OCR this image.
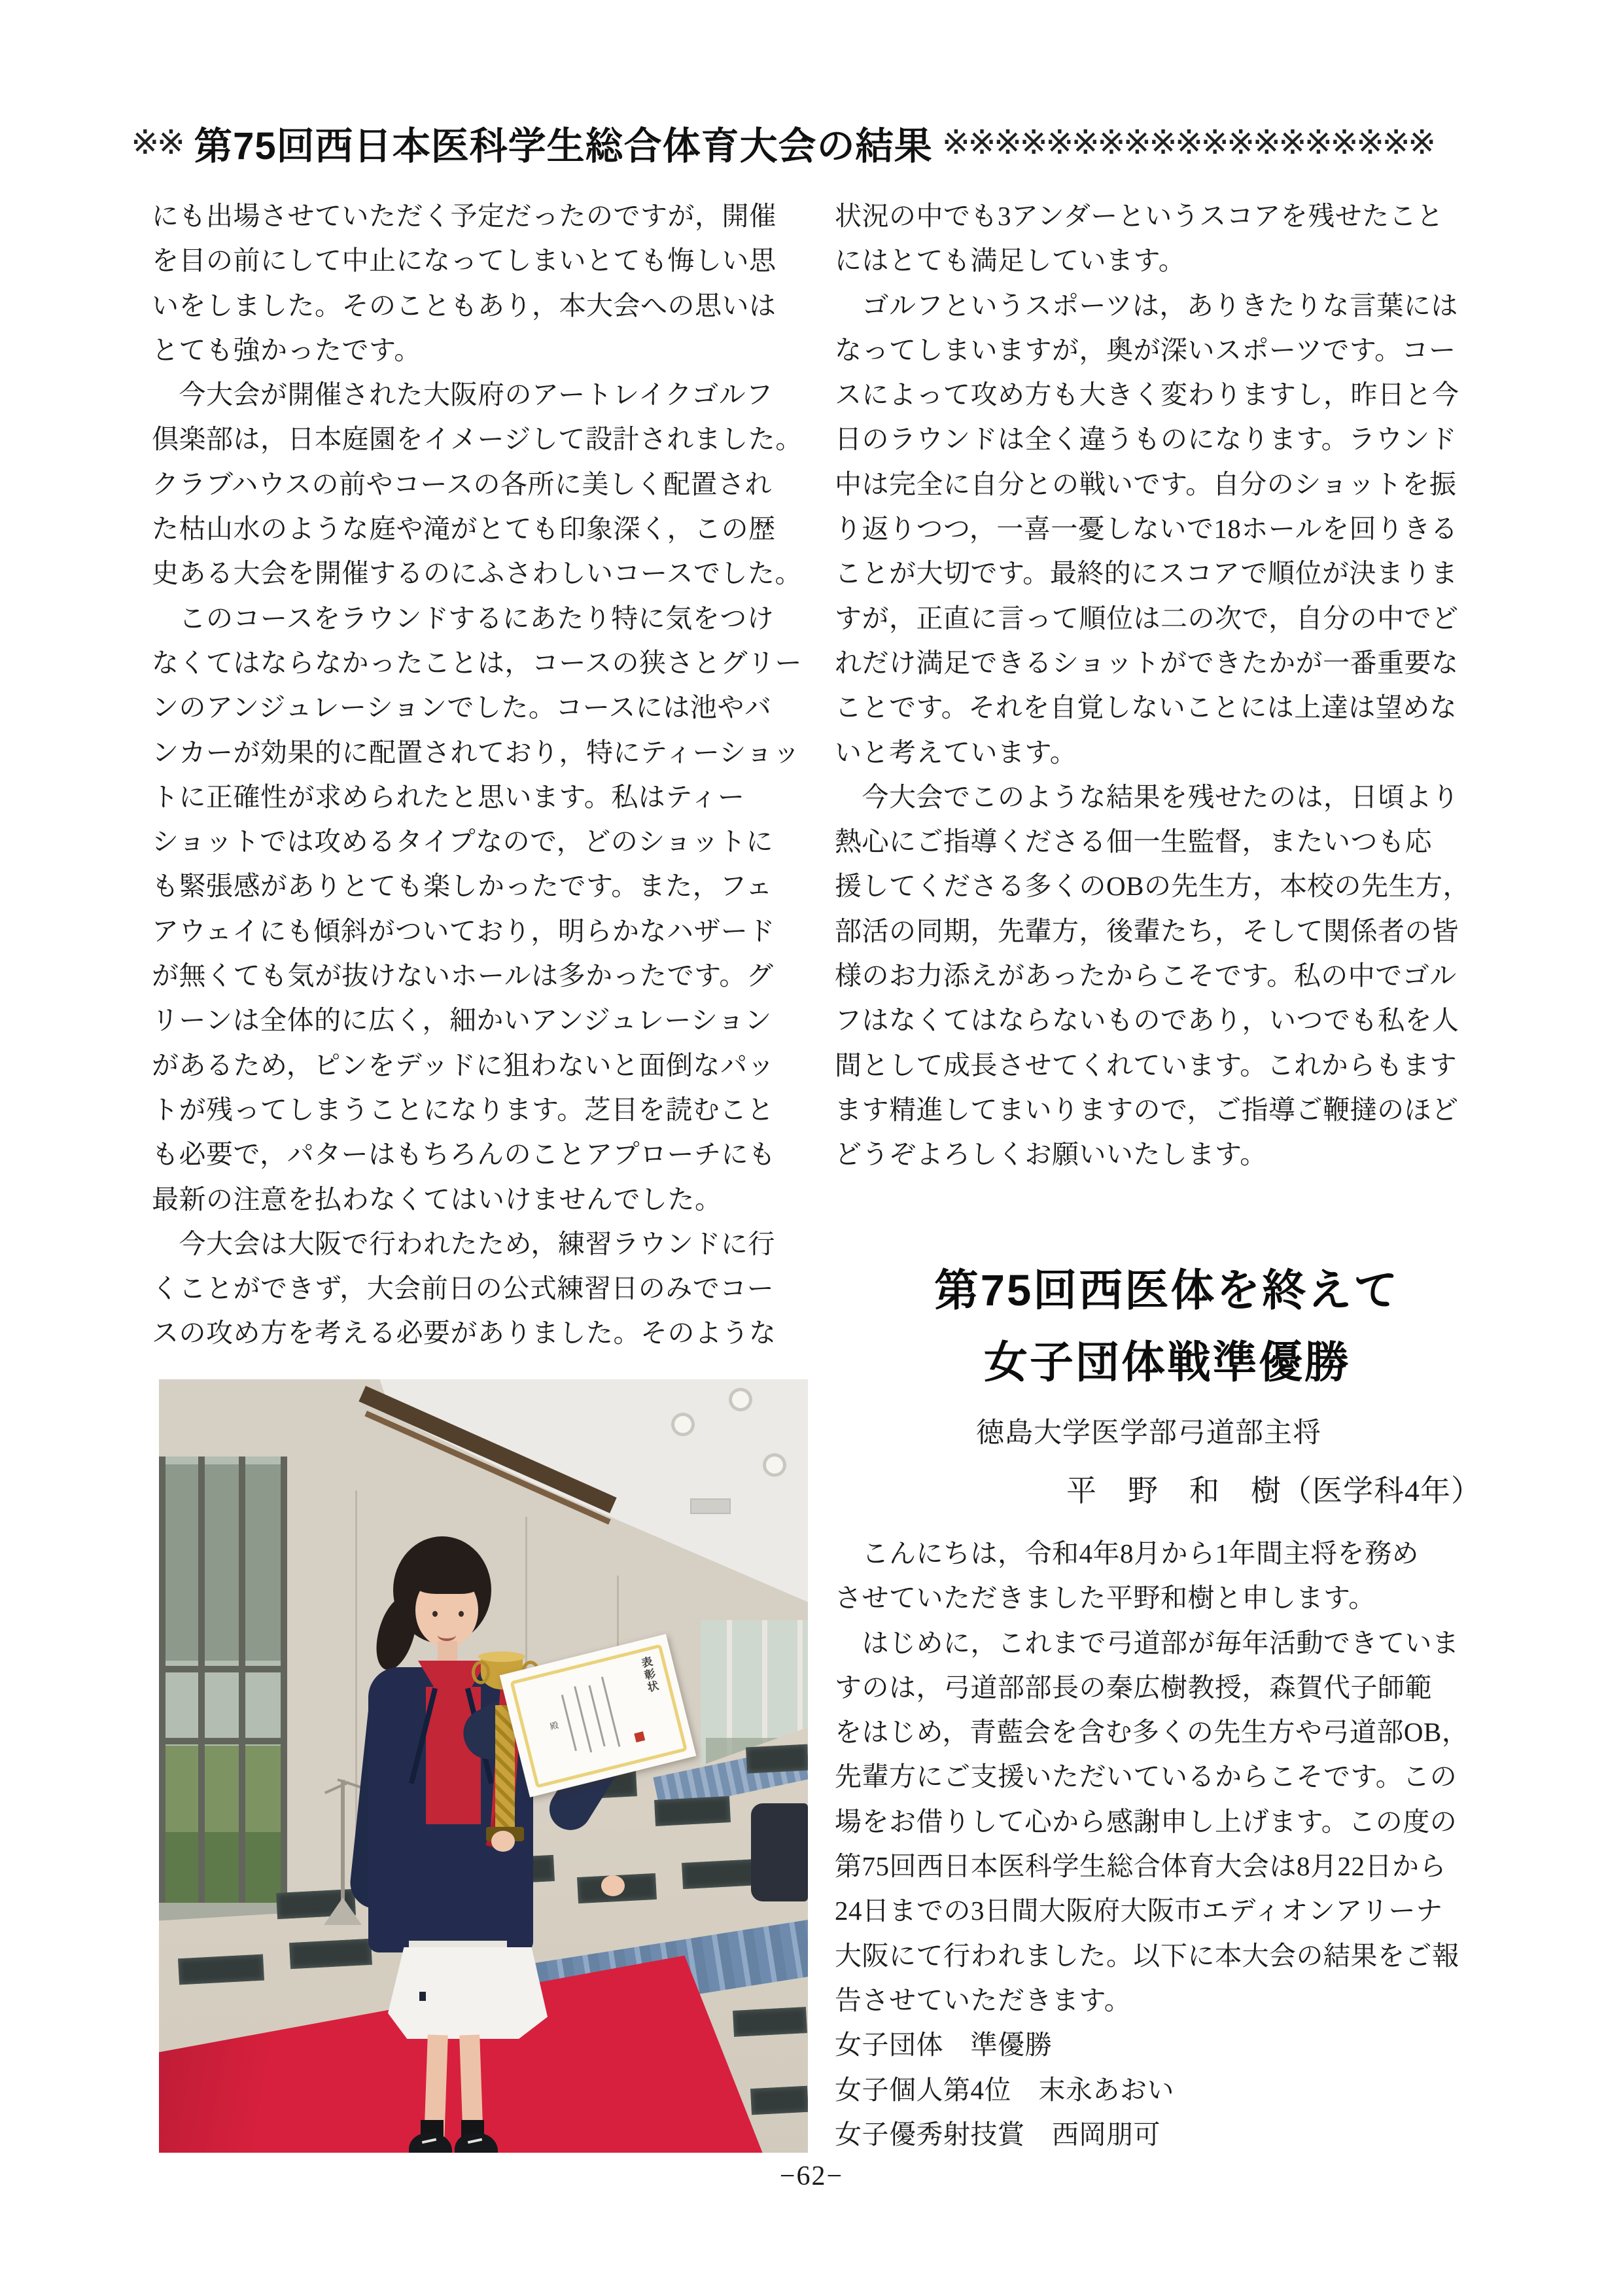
※※ 第75回西日本医科学生総合体育大会の結果 ※※※※※※※※※※※※※※※※※※※
にも出場させていただく予定だったのですが，開催
を目の前にして中止になってしまいとても悔しい思
いをしました。そのこともあり，本大会への思いは
とても強かったです。
　今大会が開催された大阪府のアートレイクゴルフ
倶楽部は，日本庭園をイメージして設計されました。
クラブハウスの前やコースの各所に美しく配置され
た枯山水のような庭や滝がとても印象深く，この歴
史ある大会を開催するのにふさわしいコースでした。
　このコースをラウンドするにあたり特に気をつけ
なくてはならなかったことは，コースの狭さとグリー
ンのアンジュレーションでした。コースには池やバ
ンカーが効果的に配置されており，特にティーショッ
トに正確性が求められたと思います。私はティー
ショットでは攻めるタイプなので，どのショットに
も緊張感がありとても楽しかったです。また，フェ
アウェイにも傾斜がついており，明らかなハザード
が無くても気が抜けないホールは多かったです。グ
リーンは全体的に広く，細かいアンジュレーション
があるため，ピンをデッドに狙わないと面倒なパッ
トが残ってしまうことになります。芝目を読むこと
も必要で，パターはもちろんのことアプローチにも
最新の注意を払わなくてはいけませんでした。
　今大会は大阪で行われたため，練習ラウンドに行
くことができず，大会前日の公式練習日のみでコー
スの攻め方を考える必要がありました。そのような
状況の中でも3アンダーというスコアを残せたこと
にはとても満足しています。
　ゴルフというスポーツは，ありきたりな言葉には
なってしまいますが，奥が深いスポーツです。コー
スによって攻め方も大きく変わりますし，昨日と今
日のラウンドは全く違うものになります。ラウンド
中は完全に自分との戦いです。自分のショットを振
り返りつつ，一喜一憂しないで18ホールを回りきる
ことが大切です。最終的にスコアで順位が決まりま
すが，正直に言って順位は二の次で，自分の中でど
れだけ満足できるショットができたかが一番重要な
ことです。それを自覚しないことには上達は望めな
いと考えています。
　今大会でこのような結果を残せたのは，日頃より
熱心にご指導くださる佃一生監督，またいつも応
援してくださる多くのOBの先生方，本校の先生方，
部活の同期，先輩方，後輩たち，そして関係者の皆
様のお力添えがあったからこそです。私の中でゴル
フはなくてはならないものであり，いつでも私を人
間として成長させてくれています。これからもます
ます精進してまいりますので，ご指導ご鞭撻のほど
どうぞよろしくお願いいたします。
第75回西医体を終えて
女子団体戦準優勝
徳島大学医学部弓道部主将
平　野　和　樹（医学科4年）
　こんにちは，令和4年8月から1年間主将を務め
させていただきました平野和樹と申します。
　はじめに，これまで弓道部が毎年活動できていま
すのは，弓道部部長の秦広樹教授，森賀代子師範
をはじめ，青藍会を含む多くの先生方や弓道部OB，
先輩方にご支援いただいているからこそです。この
場をお借りして心から感謝申し上げます。この度の
第75回西日本医科学生総合体育大会は8月22日から
24日までの3日間大阪府大阪市エディオンアリーナ
大阪にて行われました。以下に本大会の結果をご報
告させていただきます。
女子団体　準優勝
女子個人第4位　末永あおい
女子優秀射技賞　西岡朋可
表彰状
殿
−62−
